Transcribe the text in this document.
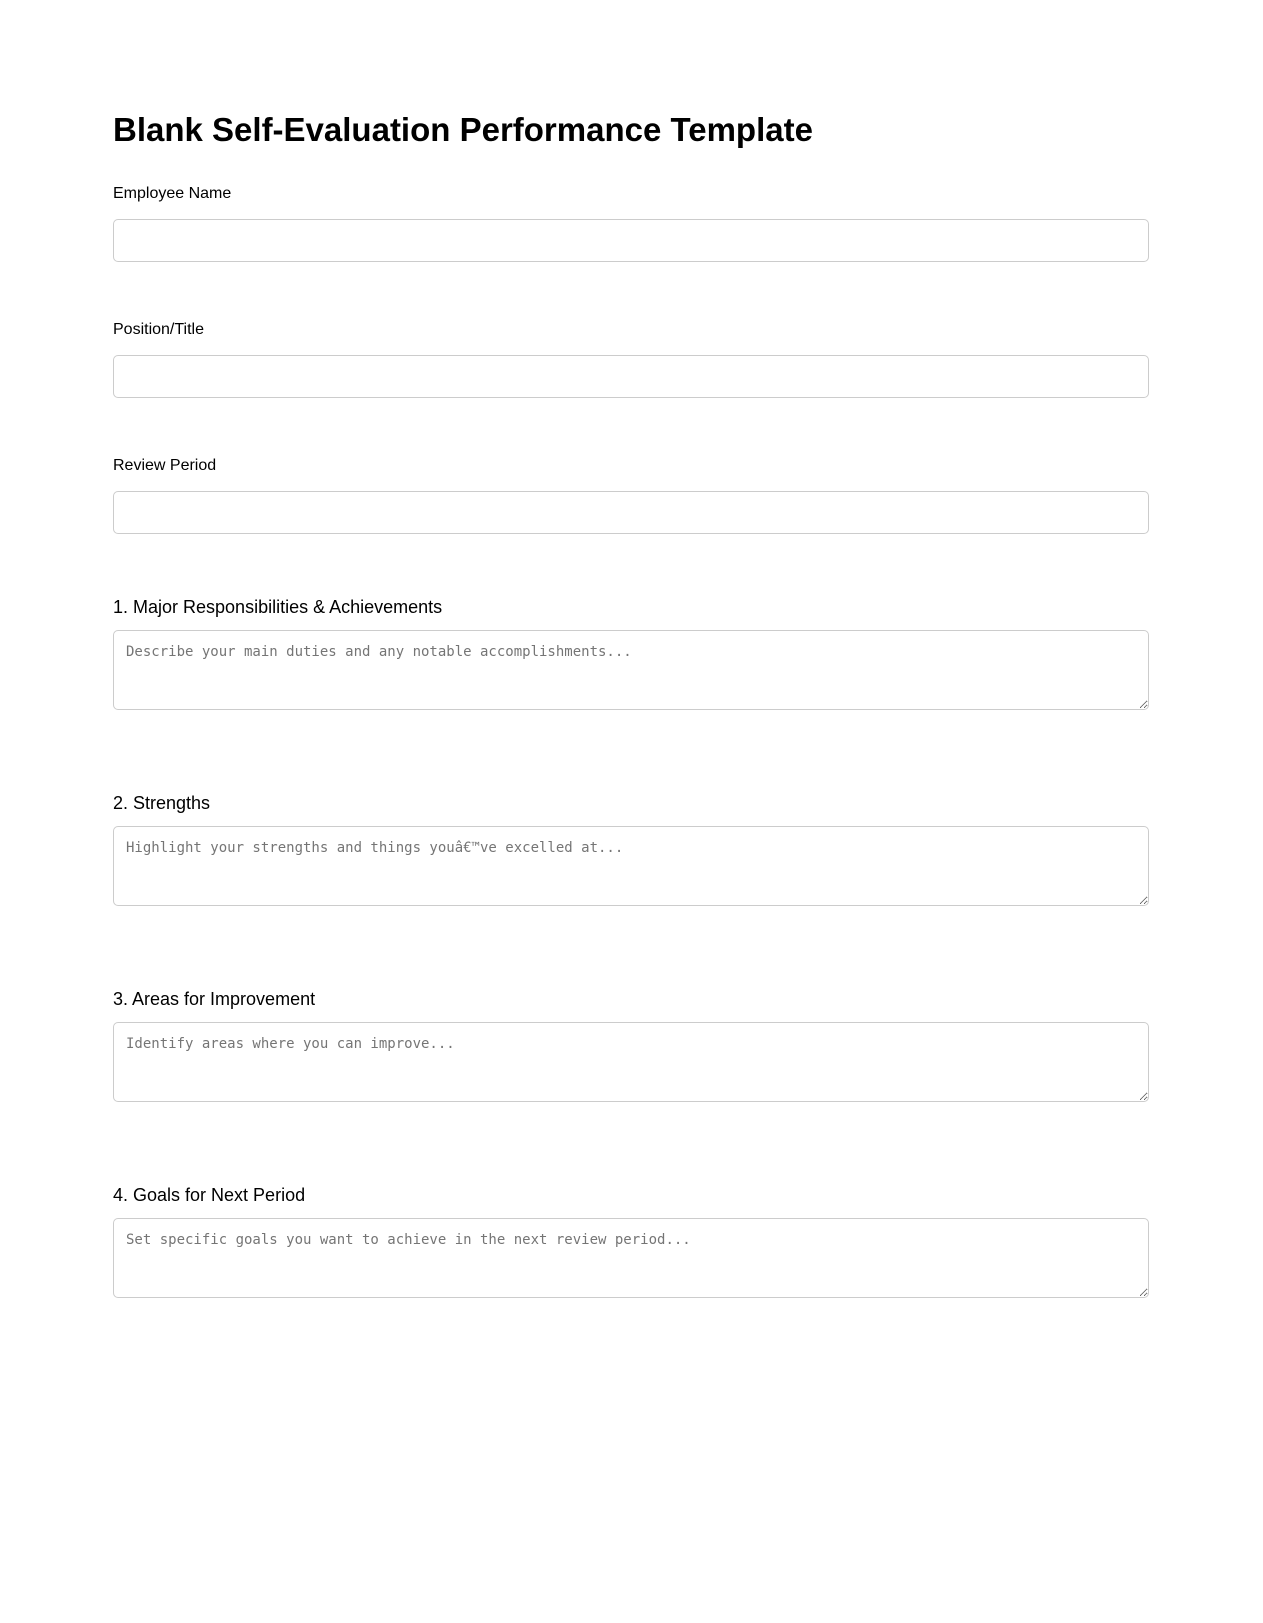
Blank Self-Evaluation Performance Template
Employee Name
Position/Title
Review Period
1. Major Responsibilities & Achievements
Describe your main duties and any notable accomplishments...
2. Strengths
Highlight your strengths and things youâ€™ve excelled at...
3. Areas for Improvement
Identify areas where you can improve...
4. Goals for Next Period
Set specific goals you want to achieve in the next review period...
